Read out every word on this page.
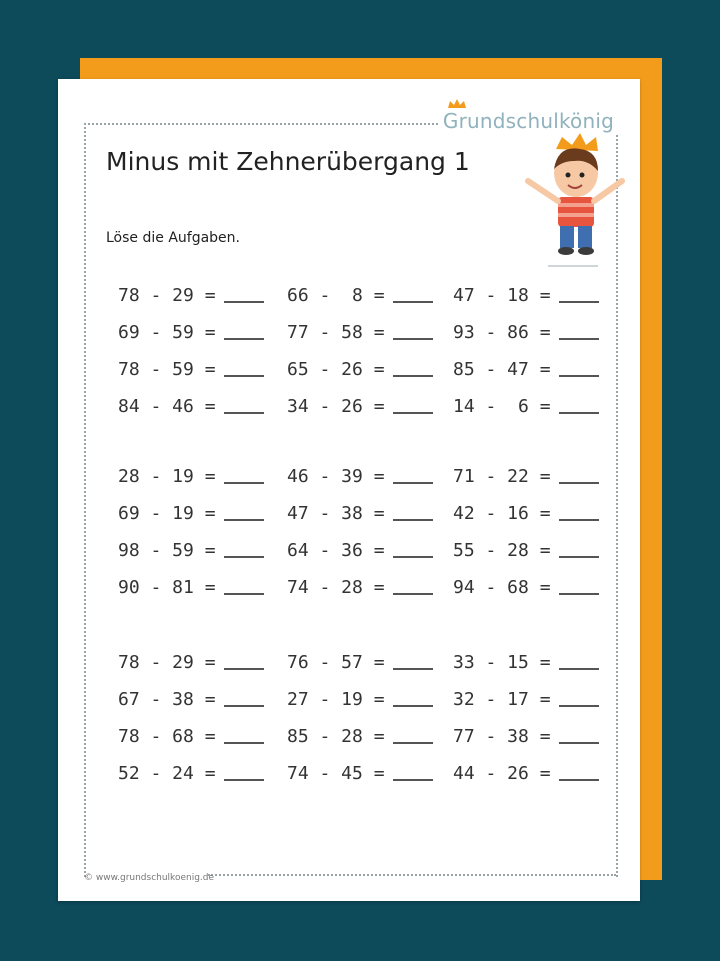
Grundschulkönig
Minus mit Zehnerübergang 1
Löse die Aufgaben.
78 - 29 =	66 -  8 =	47 - 18 =
69 - 59 =	77 - 58 =	93 - 86 =
78 - 59 =	65 - 26 =	85 - 47 =
84 - 46 =	34 - 26 =	14 -  6 =
28 - 19 =	46 - 39 =	71 - 22 =
69 - 19 =	47 - 38 =	42 - 16 =
98 - 59 =	64 - 36 =	55 - 28 =
90 - 81 =	74 - 28 =	94 - 68 =
78 - 29 =	76 - 57 =	33 - 15 =
67 - 38 =	27 - 19 =	32 - 17 =
78 - 68 =	85 - 28 =	77 - 38 =
52 - 24 =	74 - 45 =	44 - 26 =
© www.grundschulkoenig.de
